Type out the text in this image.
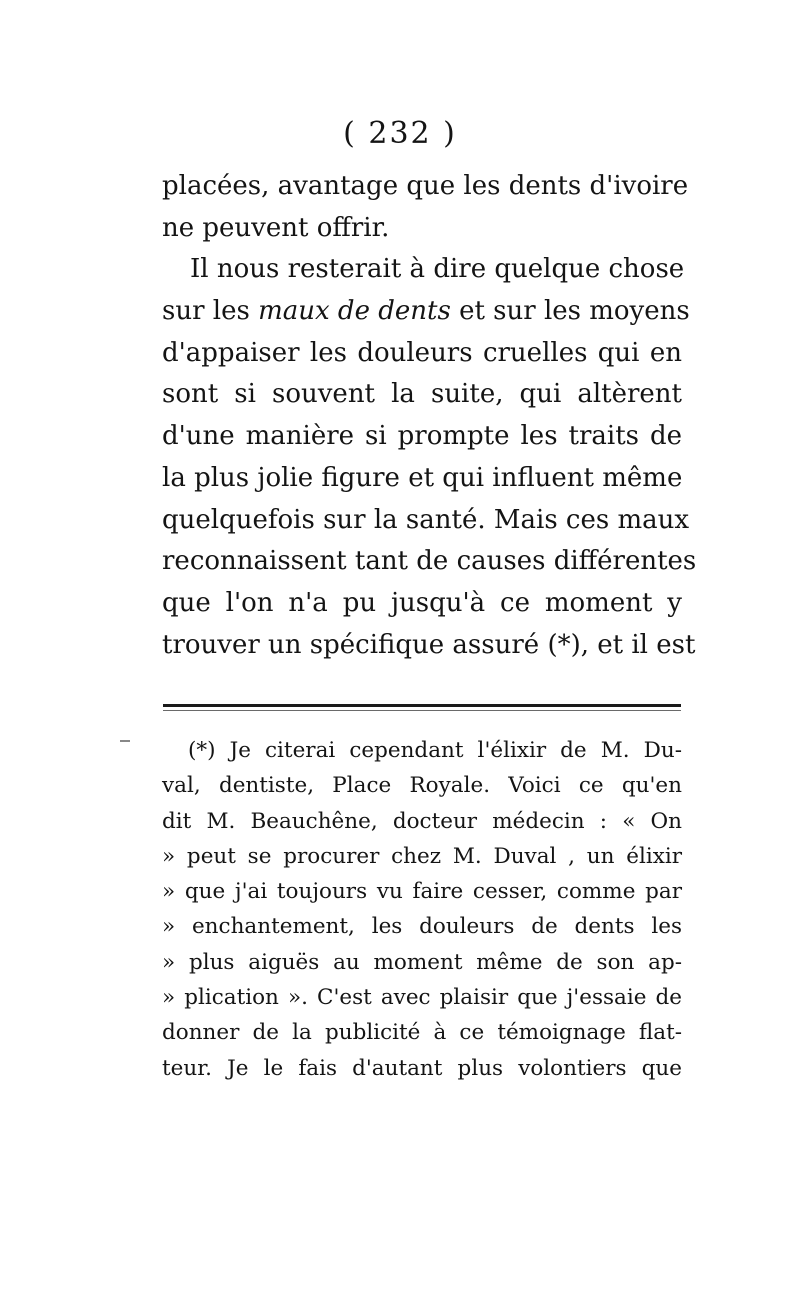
( 232 )
placées, avantage que les dents d'ivoire
ne peuvent offrir.
Il nous resterait à dire quelque chose
sur les maux de dents et sur les moyens
d'appaiser les douleurs cruelles qui en
sont si souvent la suite, qui altèrent
d'une manière si prompte les traits de
la plus jolie figure et qui influent même
quelquefois sur la santé. Mais ces maux
reconnaissent tant de causes différentes
que l'on n'a pu jusqu'à ce moment y
trouver un spécifique assuré (*), et il est
(*) Je citerai cependant l'élixir de M. Du-
val, dentiste, Place Royale. Voici ce qu'en
dit M. Beauchêne, docteur médecin : « On
» peut se procurer chez M. Duval , un élixir
» que j'ai toujours vu faire cesser, comme par
» enchantement, les douleurs de dents les
» plus aiguës au moment même de son ap-
» plication ». C'est avec plaisir que j'essaie de
donner de la publicité à ce témoignage flat-
teur. Je le fais d'autant plus volontiers que
